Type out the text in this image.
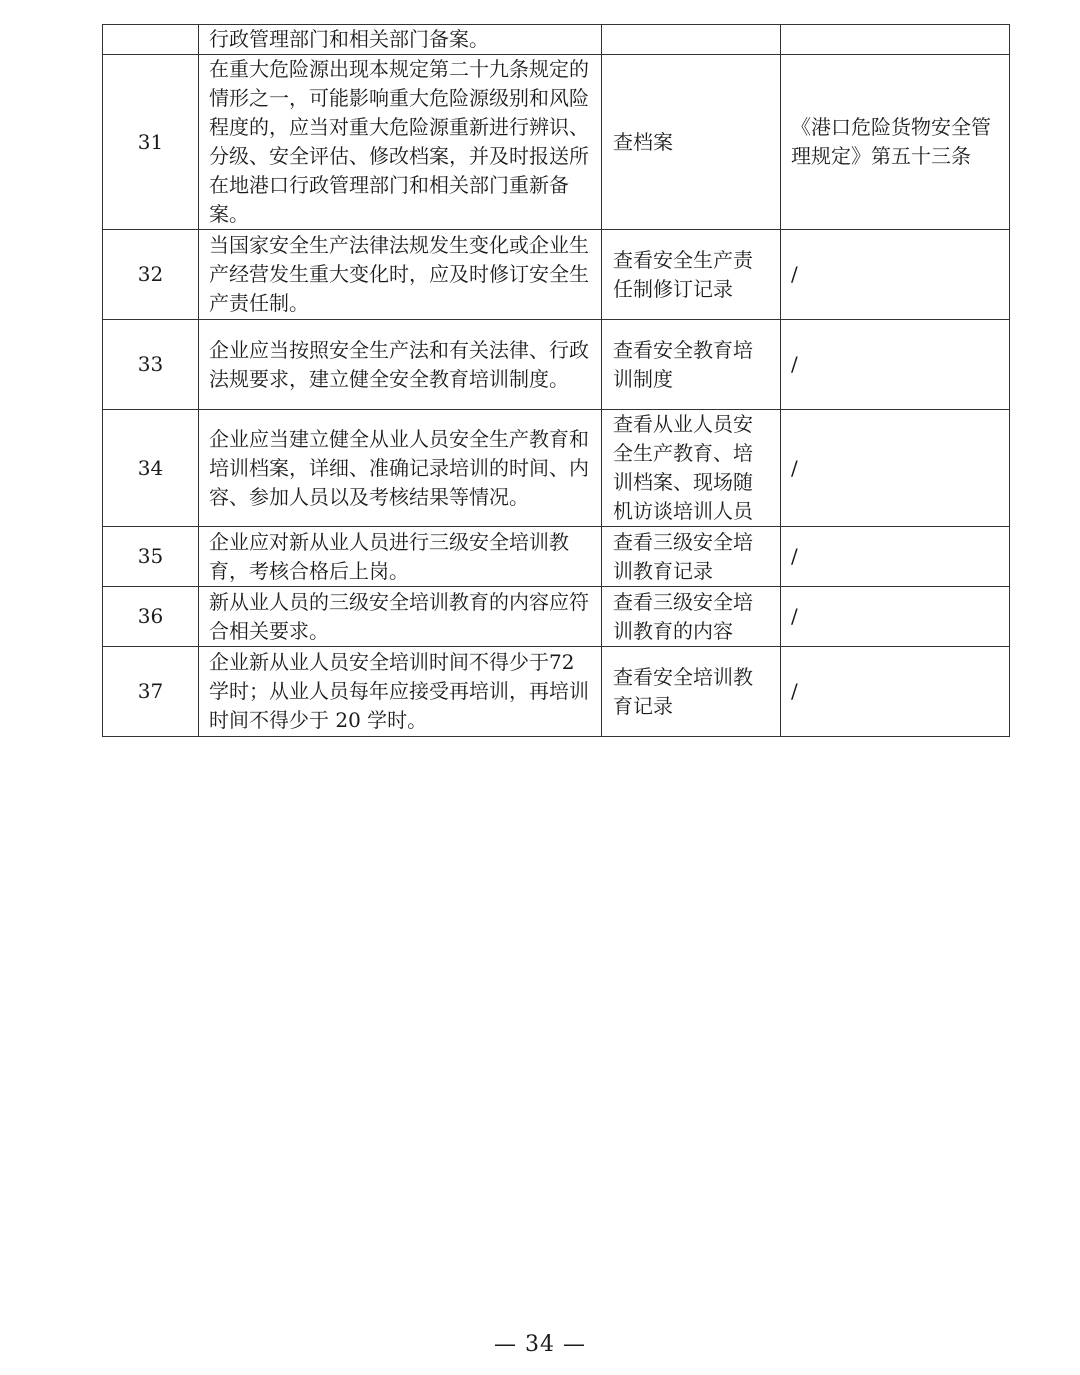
	行政管理部门和相关部门备案。		
31	在重大危险源出现本规定第二十九条规定的情形之一，可能影响重大危险源级别和风险程度的，应当对重大危险源重新进行辨识、分级、安全评估、修改档案，并及时报送所在地港口行政管理部门和相关部门重新备案。	查档案	《港口危险货物安全管理规定》第五十三条
32	当国家安全生产法律法规发生变化或企业生产经营发生重大变化时，应及时修订安全生产责任制。	查看安全生产责任制修订记录	/
33	企业应当按照安全生产法和有关法律、行政法规要求，建立健全安全教育培训制度。	查看安全教育培训制度	/
34	企业应当建立健全从业人员安全生产教育和培训档案，详细、准确记录培训的时间、内容、参加人员以及考核结果等情况。	查看从业人员安全生产教育、培训档案、现场随机访谈培训人员	/
35	企业应对新从业人员进行三级安全培训教育，考核合格后上岗。	查看三级安全培训教育记录	/
36	新从业人员的三级安全培训教育的内容应符合相关要求。	查看三级安全培训教育的内容	/
37	企业新从业人员安全培训时间不得少于72 学时；从业人员每年应接受再培训，再培训时间不得少于 20 学时。	查看安全培训教育记录	/
— 34 —
